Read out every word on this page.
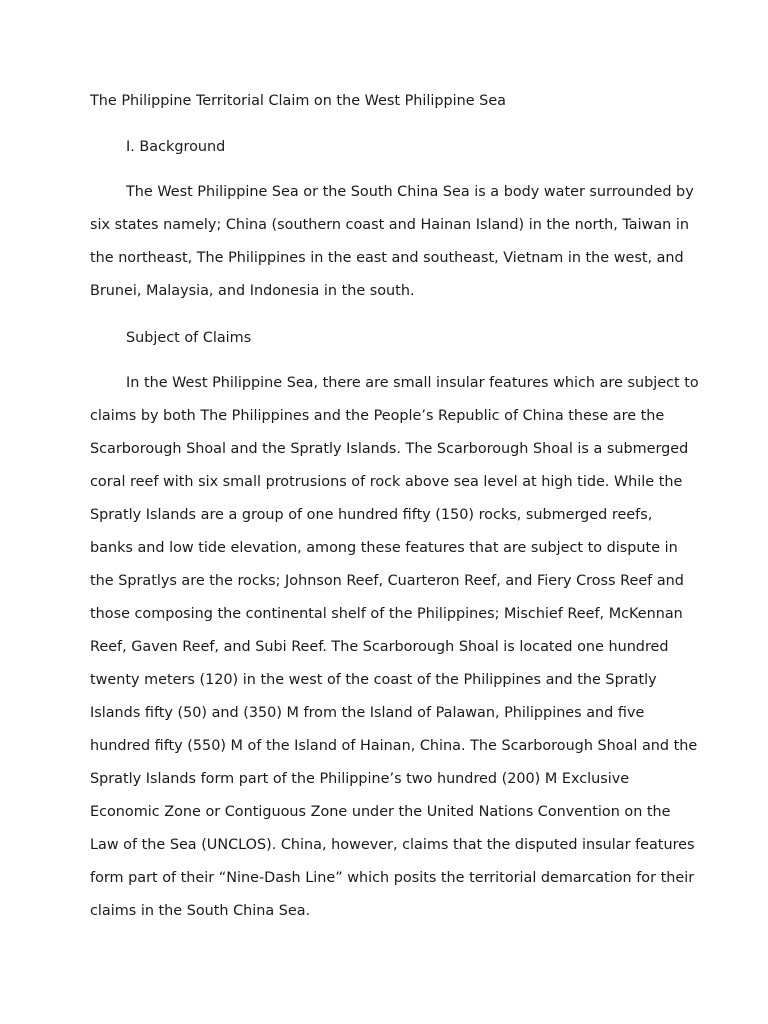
The Philippine Territorial Claim on the West Philippine Sea
I. Background
The West Philippine Sea or the South China Sea is a body water surrounded by
six states namely; China (southern coast and Hainan Island) in the north, Taiwan in
the northeast, The Philippines in the east and southeast, Vietnam in the west, and
Brunei, Malaysia, and Indonesia in the south.
Subject of Claims
In the West Philippine Sea, there are small insular features which are subject to
claims by both The Philippines and the People’s Republic of China these are the
Scarborough Shoal and the Spratly Islands. The Scarborough Shoal is a submerged
coral reef with six small protrusions of rock above sea level at high tide. While the
Spratly Islands are a group of one hundred fifty (150) rocks, submerged reefs,
banks and low tide elevation, among these features that are subject to dispute in
the Spratlys are the rocks; Johnson Reef, Cuarteron Reef, and Fiery Cross Reef and
those composing the continental shelf of the Philippines; Mischief Reef, McKennan
Reef, Gaven Reef, and Subi Reef. The Scarborough Shoal is located one hundred
twenty meters (120) in the west of the coast of the Philippines and the Spratly
Islands fifty (50) and (350) M from the Island of Palawan, Philippines and five
hundred fifty (550) M of the Island of Hainan, China. The Scarborough Shoal and the
Spratly Islands form part of the Philippine’s two hundred (200) M Exclusive
Economic Zone or Contiguous Zone under the United Nations Convention on the
Law of the Sea (UNCLOS). China, however, claims that the disputed insular features
form part of their “Nine-Dash Line” which posits the territorial demarcation for their
claims in the South China Sea.
